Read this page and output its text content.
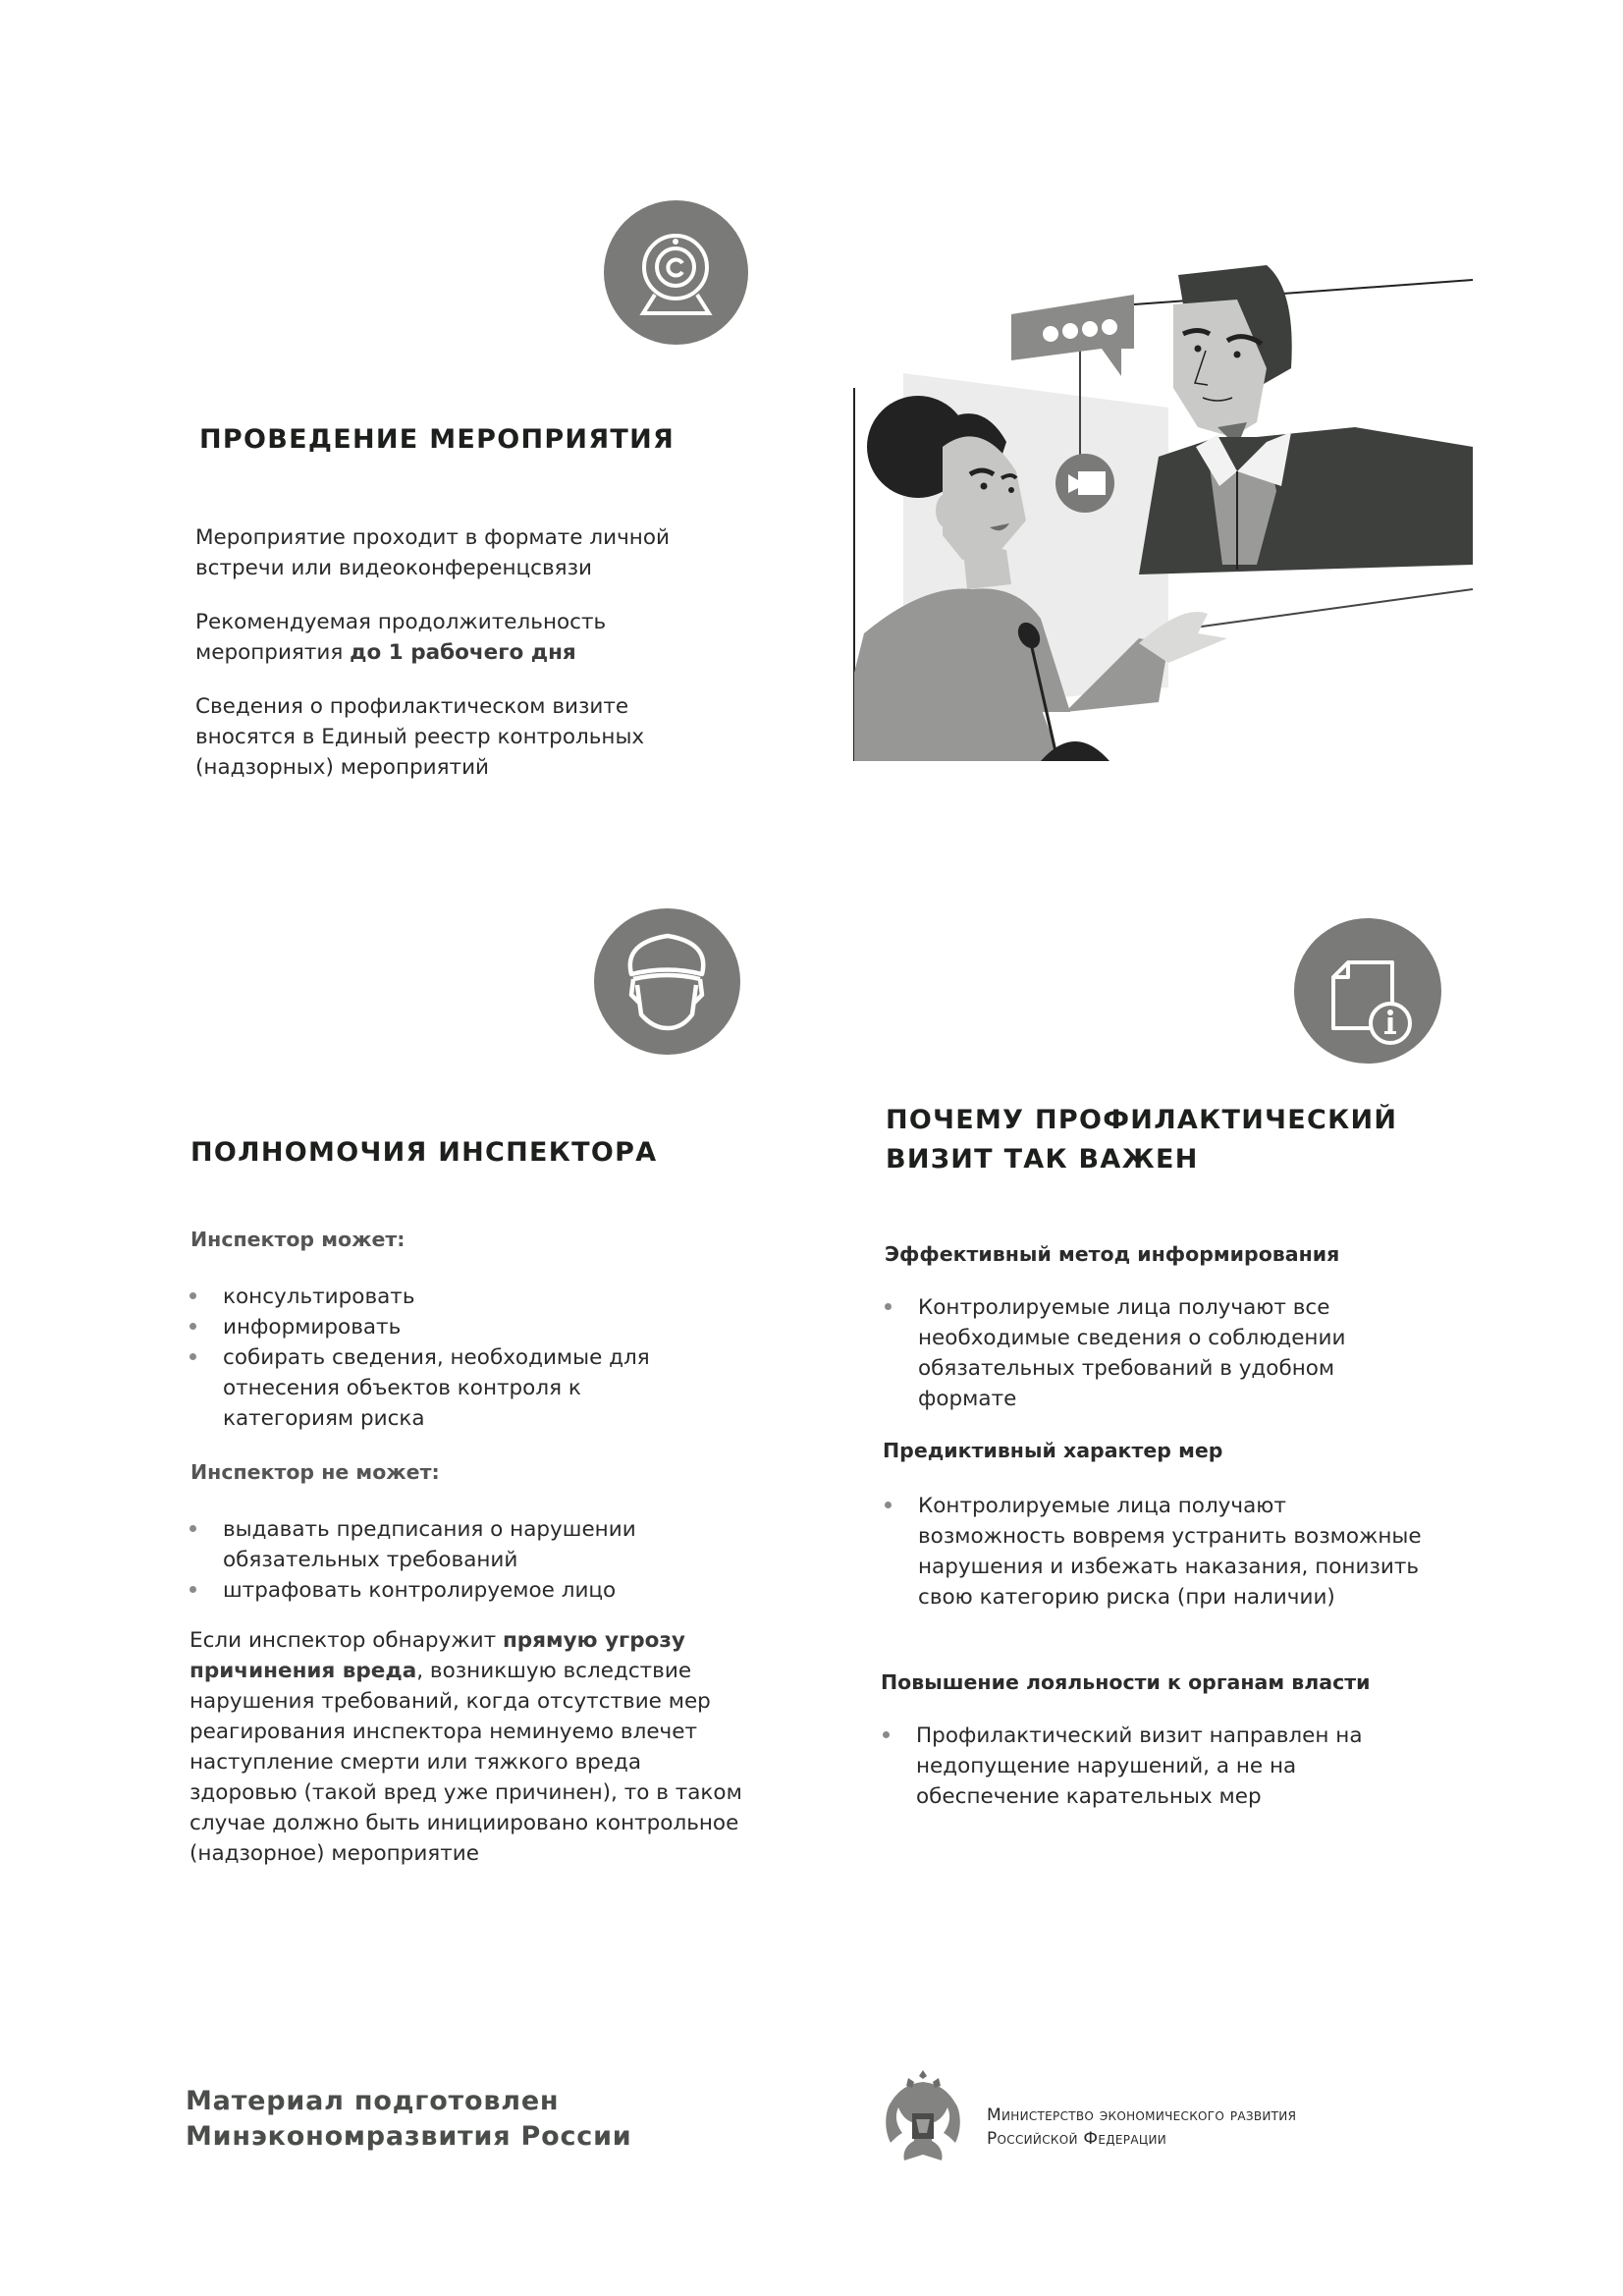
ПРОВЕДЕНИЕ МЕРОПРИЯТИЯ

Мероприятие проходит в формате личной встречи или видеоконференцсвязи

Рекомендуемая продолжительность мероприятия до 1 рабочего дня

Сведения о профилактическом визите вносятся в Единый реестр контрольных (надзорных) мероприятий

ПОЛНОМОЧИЯ ИНСПЕКТОРА
Инспектор может:
консультировать
информировать
собирать сведения, необходимые для отнесения объектов контроля к категориям риска
Инспектор не может:
выдавать предписания о нарушении обязательных требований
штрафовать контролируемое лицо

Если инспектор обнаружит прямую угрозу причинения вреда, возникшую вследствие нарушения требований, когда отсутствие мер реагирования инспектора неминуемо влечет наступление смерти или тяжкого вреда здоровью (такой вред уже причинен), то в таком случае должно быть инициировано контрольное (надзорное) мероприятие

ПОЧЕМУ ПРОФИЛАКТИЧЕСКИЙ
ВИЗИТ ТАК ВАЖЕН
Эффективный метод информирования
Контролируемые лица получают все необходимые сведения о соблюдении обязательных требований в удобном формате
Предиктивный характер мер
Контролируемые лица получают возможность вовремя устранить возможные нарушения и избежать наказания, понизить свою категорию риска (при наличии)
Повышение лояльности к органам власти
Профилактический визит направлен на недопущение нарушений, а не на обеспечение карательных мер
Материал подготовлен
Минэкономразвития России
Министерство экономического развития
Российской Федерации
